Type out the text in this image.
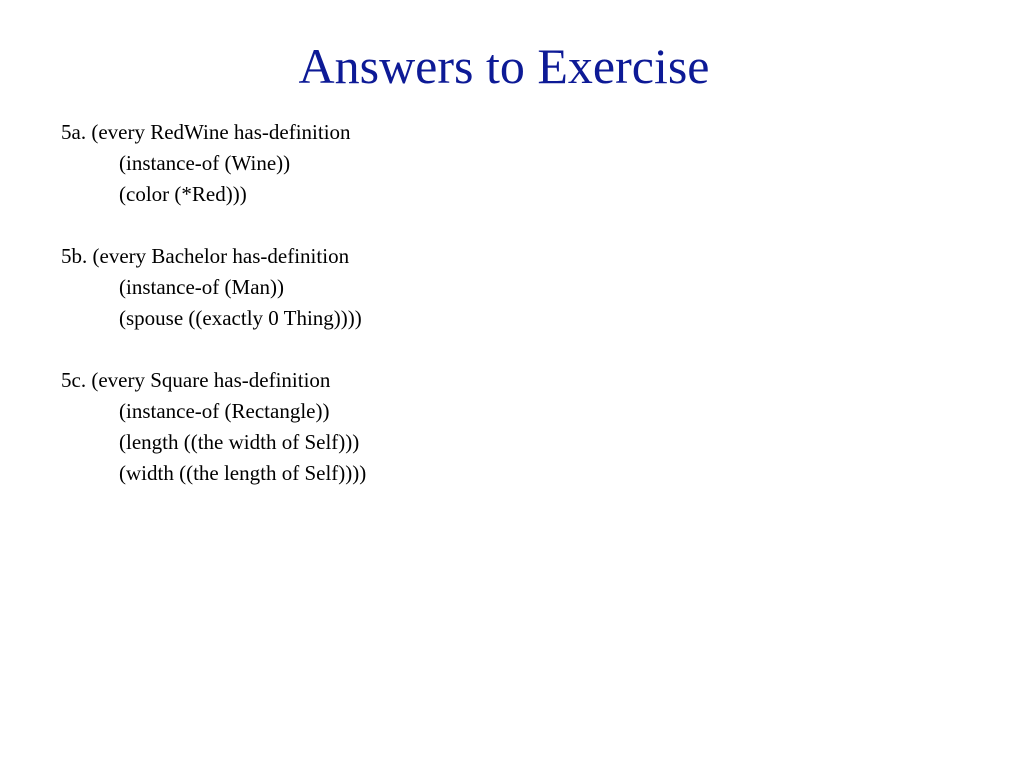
Answers to Exercise
5a. (every RedWine has-definition
(instance-of (Wine))
(color (*Red)))
5b. (every Bachelor has-definition
(instance-of (Man))
(spouse ((exactly 0 Thing))))
5c. (every Square has-definition
(instance-of (Rectangle))
(length ((the width of Self)))
(width ((the length of Self))))
